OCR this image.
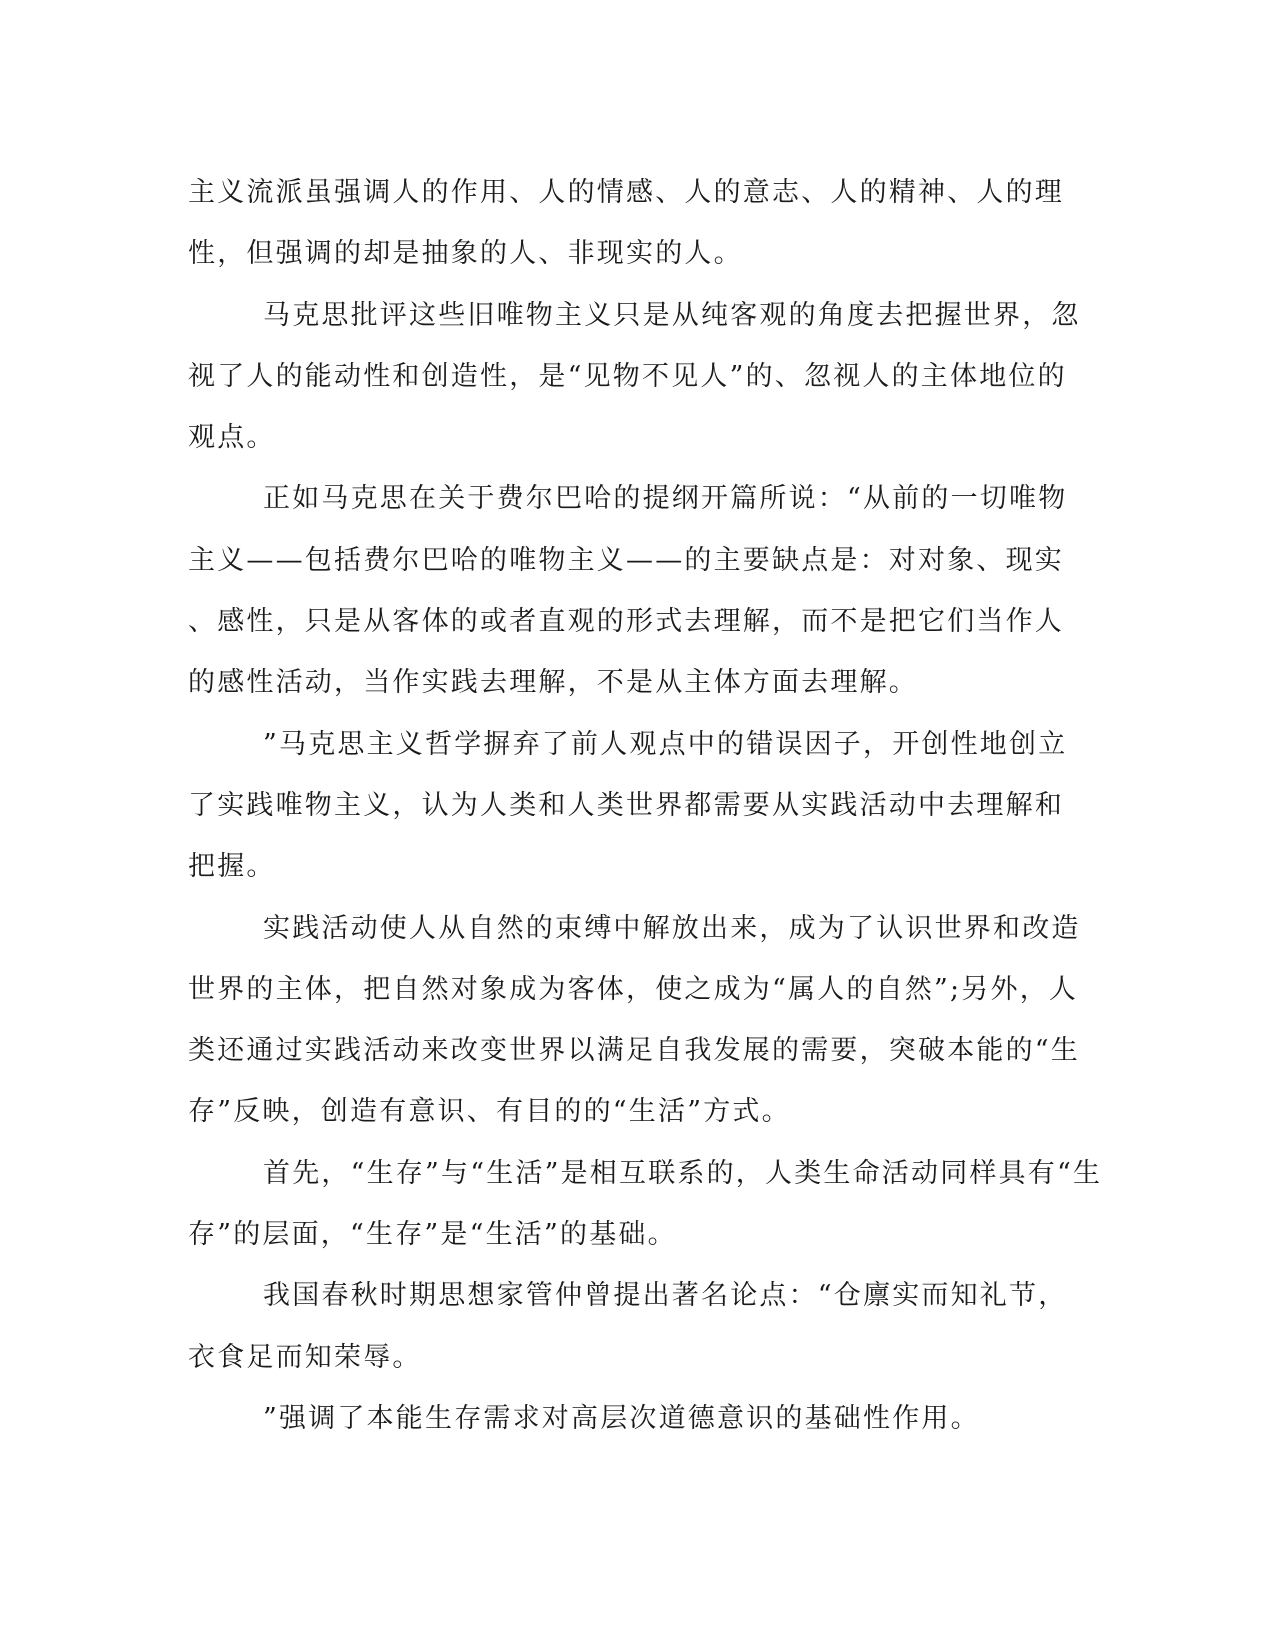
主义流派虽强调人的作用、人的情感、人的意志、人的精神、人的理
性，但强调的却是抽象的人、非现实的人。
马克思批评这些旧唯物主义只是从纯客观的角度去把握世界，忽
视了人的能动性和创造性，是“见物不见人”的、忽视人的主体地位的
观点。
正如马克思在关于费尔巴哈的提纲开篇所说：“从前的一切唯物
主义——包括费尔巴哈的唯物主义——的主要缺点是：对对象、现实
、感性，只是从客体的或者直观的形式去理解，而不是把它们当作人
的感性活动，当作实践去理解，不是从主体方面去理解。
”马克思主义哲学摒弃了前人观点中的错误因子，开创性地创立
了实践唯物主义，认为人类和人类世界都需要从实践活动中去理解和
把握。
实践活动使人从自然的束缚中解放出来，成为了认识世界和改造
世界的主体，把自然对象成为客体，使之成为“属人的自然”;另外，人
类还通过实践活动来改变世界以满足自我发展的需要，突破本能的“生
存”反映，创造有意识、有目的的“生活”方式。
首先，“生存”与“生活”是相互联系的，人类生命活动同样具有“生
存”的层面，“生存”是“生活”的基础。
我国春秋时期思想家管仲曾提出著名论点：“仓廪实而知礼节，
衣食足而知荣辱。
”强调了本能生存需求对高层次道德意识的基础性作用。
